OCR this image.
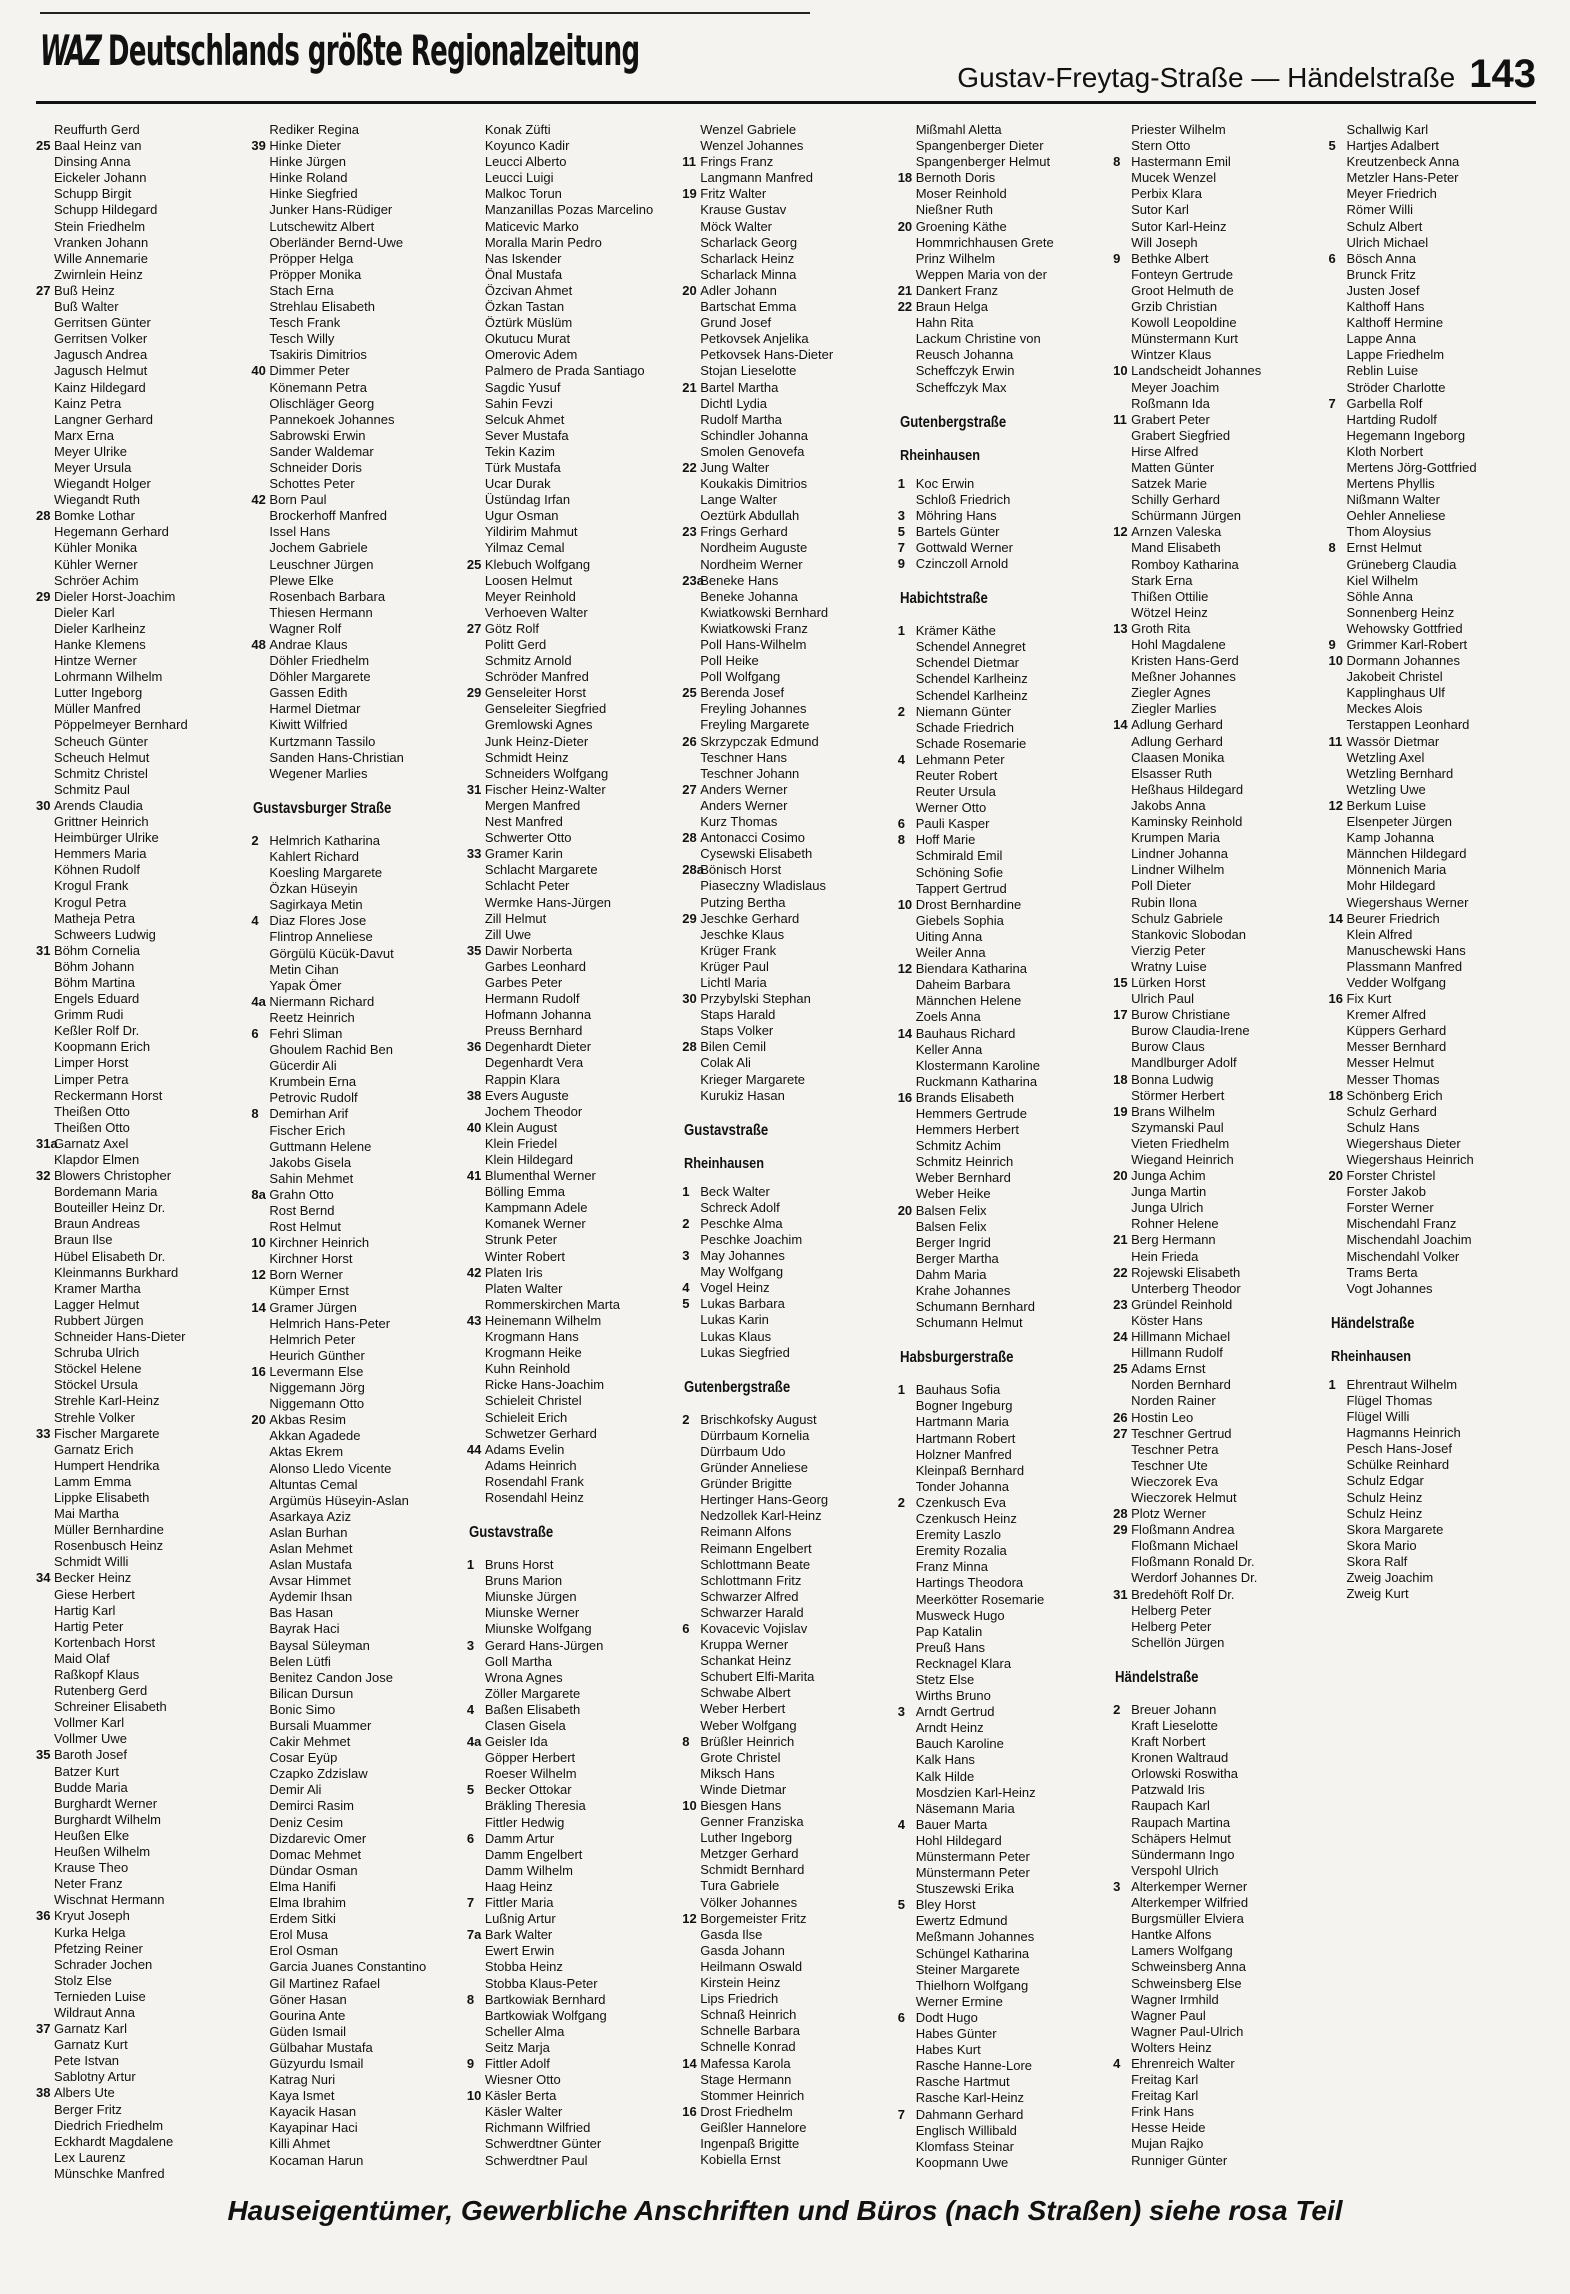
WAZ Deutschlands größte Regionalzeitung
Gustav-Freytag-Straße — Händelstraße 143
Reuffurth Gerd
25 Baal Heinz van
Dinsing Anna
Eickeler Johann
Schupp Birgit
Schupp Hildegard
Stein Friedhelm
Vranken Johann
Wille Annemarie
Zwirnlein Heinz
27 Buß Heinz
Buß Walter
Gerritsen Günter
Gerritsen Volker
Jagusch Andrea
Jagusch Helmut
Kainz Hildegard
Kainz Petra
Langner Gerhard
Marx Erna
Meyer Ulrike
Meyer Ursula
Wiegandt Holger
Wiegandt Ruth
28 Bomke Lothar
Hegemann Gerhard
Kühler Monika
Kühler Werner
Schröer Achim
29 Dieler Horst-Joachim
Dieler Karl
Dieler Karlheinz
Hanke Klemens
Hintze Werner
Lohrmann Wilhelm
Lutter Ingeborg
Müller Manfred
Pöppelmeyer Bernhard
Scheuch Günter
Scheuch Helmut
Schmitz Christel
Schmitz Paul
30 Arends Claudia
Grittner Heinrich
Heimbürger Ulrike
Hemmers Maria
Köhnen Rudolf
Krogul Frank
Krogul Petra
Matheja Petra
Schweers Ludwig
31 Böhm Cornelia
Böhm Johann
Böhm Martina
Engels Eduard
Grimm Rudi
Keßler Rolf Dr.
Koopmann Erich
Limper Horst
Limper Petra
Reckermann Horst
Theißen Otto
Theißen Otto
31aGarnatz Axel
Klapdor Elmen
32 Blowers Christopher
Bordemann Maria
Bouteiller Heinz Dr.
Braun Andreas
Braun Ilse
Hübel Elisabeth Dr.
Kleinmanns Burkhard
Kramer Martha
Lagger Helmut
Rubbert Jürgen
Schneider Hans-Dieter
Schruba Ulrich
Stöckel Helene
Stöckel Ursula
Strehle Karl-Heinz
Strehle Volker
33 Fischer Margarete
Garnatz Erich
Humpert Hendrika
Lamm Emma
Lippke Elisabeth
Mai Martha
Müller Bernhardine
Rosenbusch Heinz
Schmidt Willi
34 Becker Heinz
Giese Herbert
Hartig Karl
Hartig Peter
Kortenbach Horst
Maid Olaf
Raßkopf Klaus
Rutenberg Gerd
Schreiner Elisabeth
Vollmer Karl
Vollmer Uwe
35 Baroth Josef
Batzer Kurt
Budde Maria
Burghardt Werner
Burghardt Wilhelm
Heußen Elke
Heußen Wilhelm
Krause Theo
Neter Franz
Wischnat Hermann
36 Kryut Joseph
Kurka Helga
Pfetzing Reiner
Schrader Jochen
Stolz Else
Ternieden Luise
Wildraut Anna
37 Garnatz Karl
Garnatz Kurt
Pete Istvan
Sablotny Artur
38 Albers Ute
Berger Fritz
Diedrich Friedhelm
Eckhardt Magdalene
Lex Laurenz
Münschke Manfred
Rediker Regina
39 Hinke Dieter
Hinke Jürgen
Hinke Roland
Hinke Siegfried
Junker Hans-Rüdiger
Lutschewitz Albert
Oberländer Bernd-Uwe
Pröpper Helga
Pröpper Monika
Stach Erna
Strehlau Elisabeth
Tesch Frank
Tesch Willy
Tsakiris Dimitrios
40 Dimmer Peter
Könemann Petra
Olischläger Georg
Pannekoek Johannes
Sabrowski Erwin
Sander Waldemar
Schneider Doris
Schottes Peter
42 Born Paul
Brockerhoff Manfred
Issel Hans
Jochem Gabriele
Leuschner Jürgen
Plewe Elke
Rosenbach Barbara
Thiesen Hermann
Wagner Rolf
48 Andrae Klaus
Döhler Friedhelm
Döhler Margarete
Gassen Edith
Harmel Dietmar
Kiwitt Wilfried
Kurtzmann Tassilo
Sanden Hans-Christian
Wegener Marlies
Gustavsburger Straße
2 Helmrich Katharina
Kahlert Richard
Koesling Margarete
Özkan Hüseyin
Sagirkaya Metin
4 Diaz Flores Jose
Flintrop Anneliese
Görgülü Kücük-Davut
Metin Cihan
Yapak Ömer
4a Niermann Richard
Reetz Heinrich
6 Fehri Sliman
Ghoulem Rachid Ben
Gücerdir Ali
Krumbein Erna
Petrovic Rudolf
8 Demirhan Arif
Fischer Erich
Guttmann Helene
Jakobs Gisela
Sahin Mehmet
8a Grahn Otto
Rost Bernd
Rost Helmut
10 Kirchner Heinrich
Kirchner Horst
12 Born Werner
Kümper Ernst
14 Gramer Jürgen
Helmrich Hans-Peter
Helmrich Peter
Heurich Günther
16 Levermann Else
Niggemann Jörg
Niggemann Otto
20 Akbas Resim
Akkan Agadede
Aktas Ekrem
Alonso Lledo Vicente
Altuntas Cemal
Argümüs Hüseyin-Aslan
Asarkaya Aziz
Aslan Burhan
Aslan Mehmet
Aslan Mustafa
Avsar Himmet
Aydemir Ihsan
Bas Hasan
Bayrak Haci
Baysal Süleyman
Belen Lütfi
Benitez Candon Jose
Bilican Dursun
Bonic Simo
Bursali Muammer
Cakir Mehmet
Cosar Eyüp
Czapko Zdzislaw
Demir Ali
Demirci Rasim
Deniz Cesim
Dizdarevic Omer
Domac Mehmet
Dündar Osman
Elma Hanifi
Elma Ibrahim
Erdem Sitki
Erol Musa
Erol Osman
Garcia Juanes Constantino
Gil Martinez Rafael
Göner Hasan
Gourina Ante
Güden Ismail
Gülbahar Mustafa
Güzyurdu Ismail
Katrag Nuri
Kaya Ismet
Kayacik Hasan
Kayapinar Haci
Killi Ahmet
Kocaman Harun
Konak Züfti
Koyunco Kadir
Leucci Alberto
Leucci Luigi
Malkoc Torun
Manzanillas Pozas Marcelino
Maticevic Marko
Moralla Marin Pedro
Nas Iskender
Önal Mustafa
Özcivan Ahmet
Özkan Tastan
Öztürk Müslüm
Okutucu Murat
Omerovic Adem
Palmero de Prada Santiago
Sagdic Yusuf
Sahin Fevzi
Selcuk Ahmet
Sever Mustafa
Tekin Kazim
Türk Mustafa
Ucar Durak
Üstündag Irfan
Ugur Osman
Yildirim Mahmut
Yilmaz Cemal
25 Klebuch Wolfgang
Loosen Helmut
Meyer Reinhold
Verhoeven Walter
27 Götz Rolf
Politt Gerd
Schmitz Arnold
Schröder Manfred
29 Genseleiter Horst
Genseleiter Siegfried
Gremlowski Agnes
Junk Heinz-Dieter
Schmidt Heinz
Schneiders Wolfgang
31 Fischer Heinz-Walter
Mergen Manfred
Nest Manfred
Schwerter Otto
33 Gramer Karin
Schlacht Margarete
Schlacht Peter
Wermke Hans-Jürgen
Zill Helmut
Zill Uwe
35 Dawir Norberta
Garbes Leonhard
Garbes Peter
Hermann Rudolf
Hofmann Johanna
Preuss Bernhard
36 Degenhardt Dieter
Degenhardt Vera
Rappin Klara
38 Evers Auguste
Jochem Theodor
40 Klein August
Klein Friedel
Klein Hildegard
41 Blumenthal Werner
Bölling Emma
Kampmann Adele
Komanek Werner
Strunk Peter
Winter Robert
42 Platen Iris
Platen Walter
Rommerskirchen Marta
43 Heinemann Wilhelm
Krogmann Hans
Krogmann Heike
Kuhn Reinhold
Ricke Hans-Joachim
Schieleit Christel
Schieleit Erich
Schwetzer Gerhard
44 Adams Evelin
Adams Heinrich
Rosendahl Frank
Rosendahl Heinz
Gustavstraße
1 Bruns Horst
Bruns Marion
Miunske Jürgen
Miunske Werner
Miunske Wolfgang
3 Gerard Hans-Jürgen
Goll Martha
Wrona Agnes
Zöller Margarete
4 Baßen Elisabeth
Clasen Gisela
4a Geisler Ida
Göpper Herbert
Roeser Wilhelm
5 Becker Ottokar
Bräkling Theresia
Fittler Hedwig
6 Damm Artur
Damm Engelbert
Damm Wilhelm
Haag Heinz
7 Fittler Maria
Lußnig Artur
7a Bark Walter
Ewert Erwin
Stobba Heinz
Stobba Klaus-Peter
8 Bartkowiak Bernhard
Bartkowiak Wolfgang
Scheller Alma
Seitz Marja
9 Fittler Adolf
Wiesner Otto
10 Käsler Berta
Käsler Walter
Richmann Wilfried
Schwerdtner Günter
Schwerdtner Paul
Wenzel Gabriele
Wenzel Johannes
11 Frings Franz
Langmann Manfred
19 Fritz Walter
Krause Gustav
Möck Walter
Scharlack Georg
Scharlack Heinz
Scharlack Minna
20 Adler Johann
Bartschat Emma
Grund Josef
Petkovsek Anjelika
Petkovsek Hans-Dieter
Stojan Lieselotte
21 Bartel Martha
Dichtl Lydia
Rudolf Martha
Schindler Johanna
Smolen Genovefa
22 Jung Walter
Koukakis Dimitrios
Lange Walter
Oeztürk Abdullah
23 Frings Gerhard
Nordheim Auguste
Nordheim Werner
23aBeneke Hans
Beneke Johanna
Kwiatkowski Bernhard
Kwiatkowski Franz
Poll Hans-Wilhelm
Poll Heike
Poll Wolfgang
25 Berenda Josef
Freyling Johannes
Freyling Margarete
26 Skrzypczak Edmund
Teschner Hans
Teschner Johann
27 Anders Werner
Anders Werner
Kurz Thomas
28 Antonacci Cosimo
Cysewski Elisabeth
28aBönisch Horst
Piaseczny Wladislaus
Putzing Bertha
29 Jeschke Gerhard
Jeschke Klaus
Krüger Frank
Krüger Paul
Lichtl Maria
30 Przybylski Stephan
Staps Harald
Staps Volker
28 Bilen Cemil
Colak Ali
Krieger Margarete
Kurukiz Hasan
Gustavstraße
Rheinhausen
1 Beck Walter
Schreck Adolf
2 Peschke Alma
Peschke Joachim
3 May Johannes
May Wolfgang
4 Vogel Heinz
5 Lukas Barbara
Lukas Karin
Lukas Klaus
Lukas Siegfried
Gutenbergstraße
2 Brischkofsky August
Dürrbaum Kornelia
Dürrbaum Udo
Gründer Anneliese
Gründer Brigitte
Hertinger Hans-Georg
Nedzollek Karl-Heinz
Reimann Alfons
Reimann Engelbert
Schlottmann Beate
Schlottmann Fritz
Schwarzer Alfred
Schwarzer Harald
6 Kovacevic Vojislav
Kruppa Werner
Schankat Heinz
Schubert Elfi-Marita
Schwabe Albert
Weber Herbert
Weber Wolfgang
8 Brüßler Heinrich
Grote Christel
Miksch Hans
Winde Dietmar
10 Biesgen Hans
Genner Franziska
Luther Ingeborg
Metzger Gerhard
Schmidt Bernhard
Tura Gabriele
Völker Johannes
12 Borgemeister Fritz
Gasda Ilse
Gasda Johann
Heilmann Oswald
Kirstein Heinz
Lips Friedrich
Schnaß Heinrich
Schnelle Barbara
Schnelle Konrad
14 Mafessa Karola
Stage Hermann
Stommer Heinrich
16 Drost Friedhelm
Geißler Hannelore
Ingenpaß Brigitte
Kobiella Ernst
Mißmahl Aletta
Spangenberger Dieter
Spangenberger Helmut
18 Bernoth Doris
Moser Reinhold
Nießner Ruth
20 Groening Käthe
Hommrichhausen Grete
Prinz Wilhelm
Weppen Maria von der
21 Dankert Franz
22 Braun Helga
Hahn Rita
Lackum Christine von
Reusch Johanna
Scheffczyk Erwin
Scheffczyk Max
Gutenbergstraße
Rheinhausen
1 Koc Erwin
Schloß Friedrich
3 Möhring Hans
5 Bartels Günter
7 Gottwald Werner
9 Czinczoll Arnold
Habichtstraße
1 Krämer Käthe
Schendel Annegret
Schendel Dietmar
Schendel Karlheinz
Schendel Karlheinz
2 Niemann Günter
Schade Friedrich
Schade Rosemarie
4 Lehmann Peter
Reuter Robert
Reuter Ursula
Werner Otto
6 Pauli Kasper
8 Hoff Marie
Schmirald Emil
Schöning Sofie
Tappert Gertrud
10 Drost Bernhardine
Giebels Sophia
Uiting Anna
Weiler Anna
12 Biendara Katharina
Daheim Barbara
Männchen Helene
Zoels Anna
14 Bauhaus Richard
Keller Anna
Klostermann Karoline
Ruckmann Katharina
16 Brands Elisabeth
Hemmers Gertrude
Hemmers Herbert
Schmitz Achim
Schmitz Heinrich
Weber Bernhard
Weber Heike
20 Balsen Felix
Balsen Felix
Berger Ingrid
Berger Martha
Dahm Maria
Krahe Johannes
Schumann Bernhard
Schumann Helmut
Habsburgerstraße
1 Bauhaus Sofia
Bogner Ingeburg
Hartmann Maria
Hartmann Robert
Holzner Manfred
Kleinpaß Bernhard
Tonder Johanna
2 Czenkusch Eva
Czenkusch Heinz
Eremity Laszlo
Eremity Rozalia
Franz Minna
Hartings Theodora
Meerkötter Rosemarie
Musweck Hugo
Pap Katalin
Preuß Hans
Recknagel Klara
Stetz Else
Wirths Bruno
3 Arndt Gertrud
Arndt Heinz
Bauch Karoline
Kalk Hans
Kalk Hilde
Mosdzien Karl-Heinz
Näsemann Maria
4 Bauer Marta
Hohl Hildegard
Münstermann Peter
Münstermann Peter
Stuszewski Erika
5 Bley Horst
Ewertz Edmund
Meßmann Johannes
Schüngel Katharina
Steiner Margarete
Thielhorn Wolfgang
Werner Ermine
6 Dodt Hugo
Habes Günter
Habes Kurt
Rasche Hanne-Lore
Rasche Hartmut
Rasche Karl-Heinz
7 Dahmann Gerhard
Englisch Willibald
Klomfass Steinar
Koopmann Uwe
Priester Wilhelm
Stern Otto
8 Hastermann Emil
Mucek Wenzel
Perbix Klara
Sutor Karl
Sutor Karl-Heinz
Will Joseph
9 Bethke Albert
Fonteyn Gertrude
Groot Helmuth de
Grzib Christian
Kowoll Leopoldine
Münstermann Kurt
Wintzer Klaus
10 Landscheidt Johannes
Meyer Joachim
Roßmann Ida
11 Grabert Peter
Grabert Siegfried
Hirse Alfred
Matten Günter
Satzek Marie
Schilly Gerhard
Schürmann Jürgen
12 Arnzen Valeska
Mand Elisabeth
Romboy Katharina
Stark Erna
Thißen Ottilie
Wötzel Heinz
13 Groth Rita
Hohl Magdalene
Kristen Hans-Gerd
Meßner Johannes
Ziegler Agnes
Ziegler Marlies
14 Adlung Gerhard
Adlung Gerhard
Claasen Monika
Elsasser Ruth
Heßhaus Hildegard
Jakobs Anna
Kaminsky Reinhold
Krumpen Maria
Lindner Johanna
Lindner Wilhelm
Poll Dieter
Rubin Ilona
Schulz Gabriele
Stankovic Slobodan
Vierzig Peter
Wratny Luise
15 Lürken Horst
Ulrich Paul
17 Burow Christiane
Burow Claudia-Irene
Burow Claus
Mandlburger Adolf
18 Bonna Ludwig
Störmer Herbert
19 Brans Wilhelm
Szymanski Paul
Vieten Friedhelm
Wiegand Heinrich
20 Junga Achim
Junga Martin
Junga Ulrich
Rohner Helene
21 Berg Hermann
Hein Frieda
22 Rojewski Elisabeth
Unterberg Theodor
23 Gründel Reinhold
Köster Hans
24 Hillmann Michael
Hillmann Rudolf
25 Adams Ernst
Norden Bernhard
Norden Rainer
26 Hostin Leo
27 Teschner Gertrud
Teschner Petra
Teschner Ute
Wieczorek Eva
Wieczorek Helmut
28 Plotz Werner
29 Floßmann Andrea
Floßmann Michael
Floßmann Ronald Dr.
Werdorf Johannes Dr.
31 Bredehöft Rolf Dr.
Helberg Peter
Helberg Peter
Schellön Jürgen
Händelstraße
2 Breuer Johann
Kraft Lieselotte
Kraft Norbert
Kronen Waltraud
Orlowski Roswitha
Patzwald Iris
Raupach Karl
Raupach Martina
Schäpers Helmut
Sündermann Ingo
Verspohl Ulrich
3 Alterkemper Werner
Alterkemper Wilfried
Burgsmüller Elviera
Hantke Alfons
Lamers Wolfgang
Schweinsberg Anna
Schweinsberg Else
Wagner Irmhild
Wagner Paul
Wagner Paul-Ulrich
Wolters Heinz
4 Ehrenreich Walter
Freitag Karl
Freitag Karl
Frink Hans
Hesse Heide
Mujan Rajko
Runniger Günter
Schallwig Karl
5 Hartjes Adalbert
Kreutzenbeck Anna
Metzler Hans-Peter
Meyer Friedrich
Römer Willi
Schulz Albert
Ulrich Michael
6 Bösch Anna
Brunck Fritz
Justen Josef
Kalthoff Hans
Kalthoff Hermine
Lappe Anna
Lappe Friedhelm
Reblin Luise
Ströder Charlotte
7 Garbella Rolf
Hartding Rudolf
Hegemann Ingeborg
Kloth Norbert
Mertens Jörg-Gottfried
Mertens Phyllis
Nißmann Walter
Oehler Anneliese
Thom Aloysius
8 Ernst Helmut
Grüneberg Claudia
Kiel Wilhelm
Söhle Anna
Sonnenberg Heinz
Wehowsky Gottfried
9 Grimmer Karl-Robert
10 Dormann Johannes
Jakobeit Christel
Kapplinghaus Ulf
Meckes Alois
Terstappen Leonhard
11 Wassör Dietmar
Wetzling Axel
Wetzling Bernhard
Wetzling Uwe
12 Berkum Luise
Elsenpeter Jürgen
Kamp Johanna
Männchen Hildegard
Mönnenich Maria
Mohr Hildegard
Wiegershaus Werner
14 Beurer Friedrich
Klein Alfred
Manuschewski Hans
Plassmann Manfred
Vedder Wolfgang
16 Fix Kurt
Kremer Alfred
Küppers Gerhard
Messer Bernhard
Messer Helmut
Messer Thomas
18 Schönberg Erich
Schulz Gerhard
Schulz Hans
Wiegershaus Dieter
Wiegershaus Heinrich
20 Forster Christel
Forster Jakob
Forster Werner
Mischendahl Franz
Mischendahl Joachim
Mischendahl Volker
Trams Berta
Vogt Johannes
Händelstraße
Rheinhausen
1 Ehrentraut Wilhelm
Flügel Thomas
Flügel Willi
Hagmanns Heinrich
Pesch Hans-Josef
Schülke Reinhard
Schulz Edgar
Schulz Heinz
Schulz Heinz
Skora Margarete
Skora Mario
Skora Ralf
Zweig Joachim
Zweig Kurt
Hauseigentümer, Gewerbliche Anschriften und Büros (nach Straßen) siehe rosa Teil
